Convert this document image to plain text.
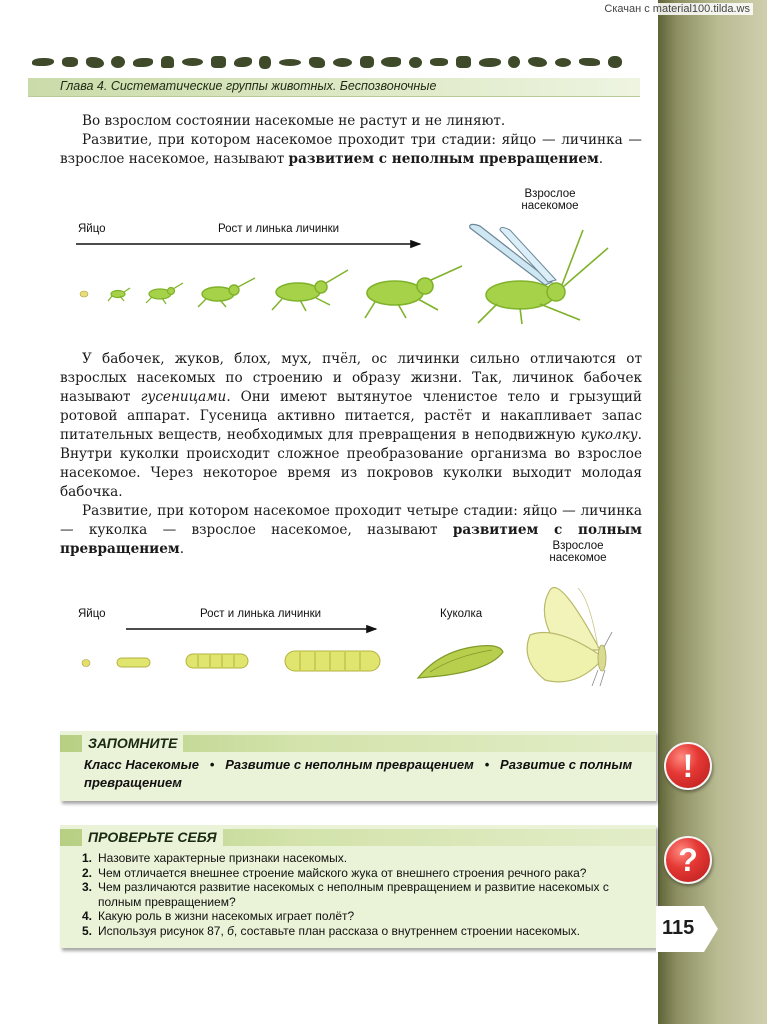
Скачан с material100.tilda.ws
Глава 4. Систематические группы животных. Беспозвоночные

Во взрослом состоянии насекомые не растут и не линяют.

Развитие, при котором насекомое проходит три стадии: яйцо — личинка — взрослое насекомое, называют развитием с неполным превращением.

Яйцо	Рост и линька личинки
Взрослое
насекомое

У бабочек, жуков, блох, мух, пчёл, ос личинки сильно отличаются от взрослых насекомых по строению и образу жизни. Так, личинок бабочек называют гусеницами. Они имеют вытянутое членистое тело и грызущий ротовой аппарат. Гусеница активно питается, растёт и накапливает запас питательных веществ, необходимых для превращения в неподвижную куколку. Внутри куколки происходит сложное преобразование организма во взрослое насекомое. Через некоторое время из покровов куколки выходит молодая бабочка.

Развитие, при котором насекомое проходит четыре стадии: яйцо — личинка — куколка — взрослое насекомое, называют развитием с полным превращением.

Яйцо	Рост и линька личинки	Куколка
Взрослое
насекомое
ЗАПОМНИТЕ
Класс Насекомые • Развитие с неполным превращением • Развитие с полным превращением	!
ПРОВЕРЬТЕ СЕБЯ
1. Назовите характерные признаки насекомых.
2. Чем отличается внешнее строение майского жука от внешнего строения речного рака?
3. Чем различаются развитие насекомых с неполным превращением и развитие насекомых с полным превращением?
4. Какую роль в жизни насекомых играет полёт?
5. Используя рисунок 87, б, составьте план рассказа о внутреннем строении насекомых.
?
115
